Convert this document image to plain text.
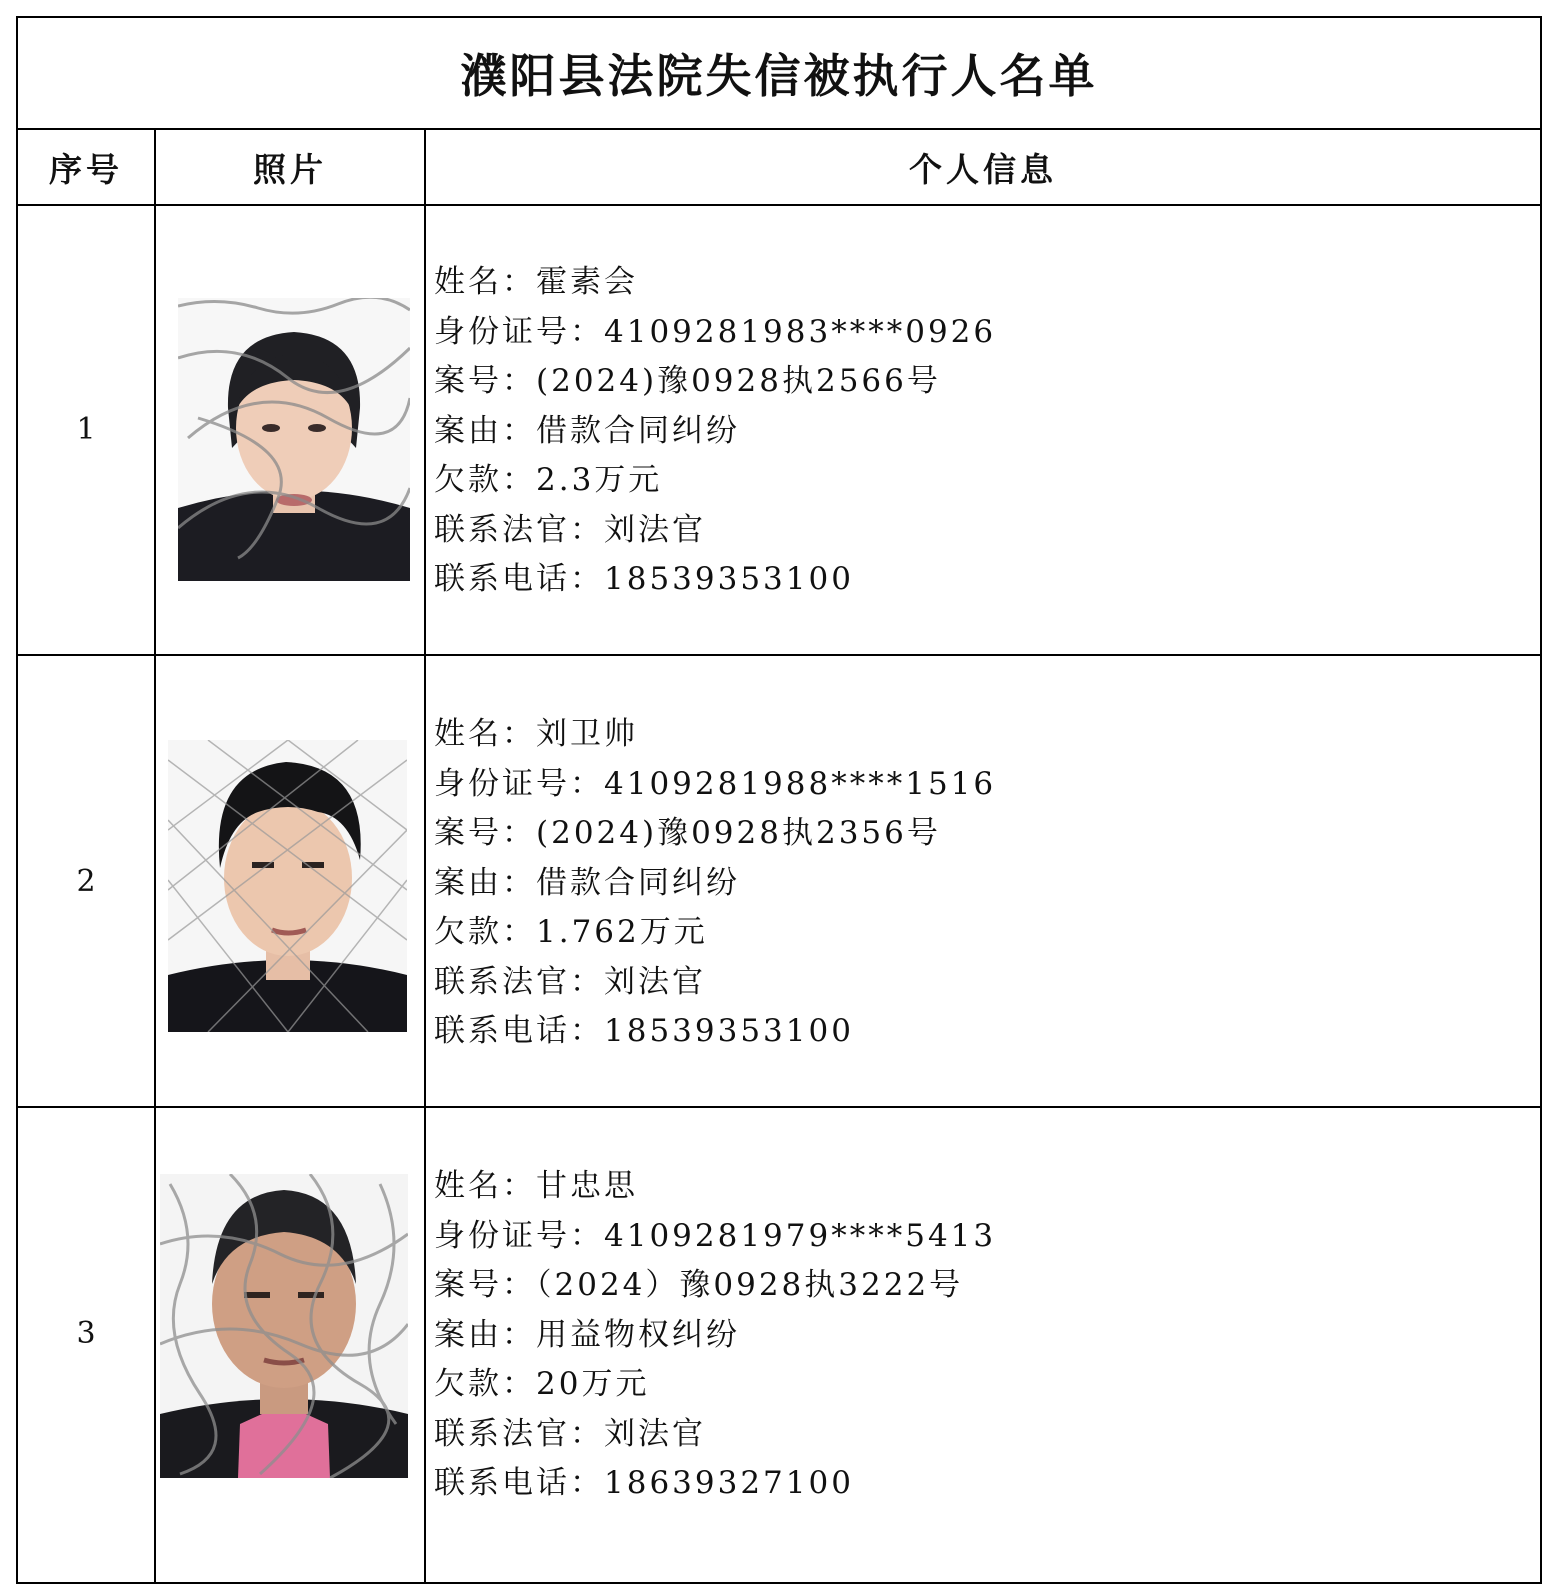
濮阳县法院失信被执行人名单
序号	照片	个人信息
1
姓名：霍素会
身份证号：4109281983****0926
案号：(2024)豫0928执2566号
案由：借款合同纠纷
欠款：2.3万元
联系法官：刘法官
联系电话：18539353100
2
姓名：刘卫帅
身份证号：4109281988****1516
案号：(2024)豫0928执2356号
案由：借款合同纠纷
欠款：1.762万元
联系法官：刘法官
联系电话：18539353100
3
姓名：甘忠思
身份证号：4109281979****5413
案号：（2024）豫0928执3222号
案由：用益物权纠纷
欠款：20万元
联系法官：刘法官
联系电话：18639327100
